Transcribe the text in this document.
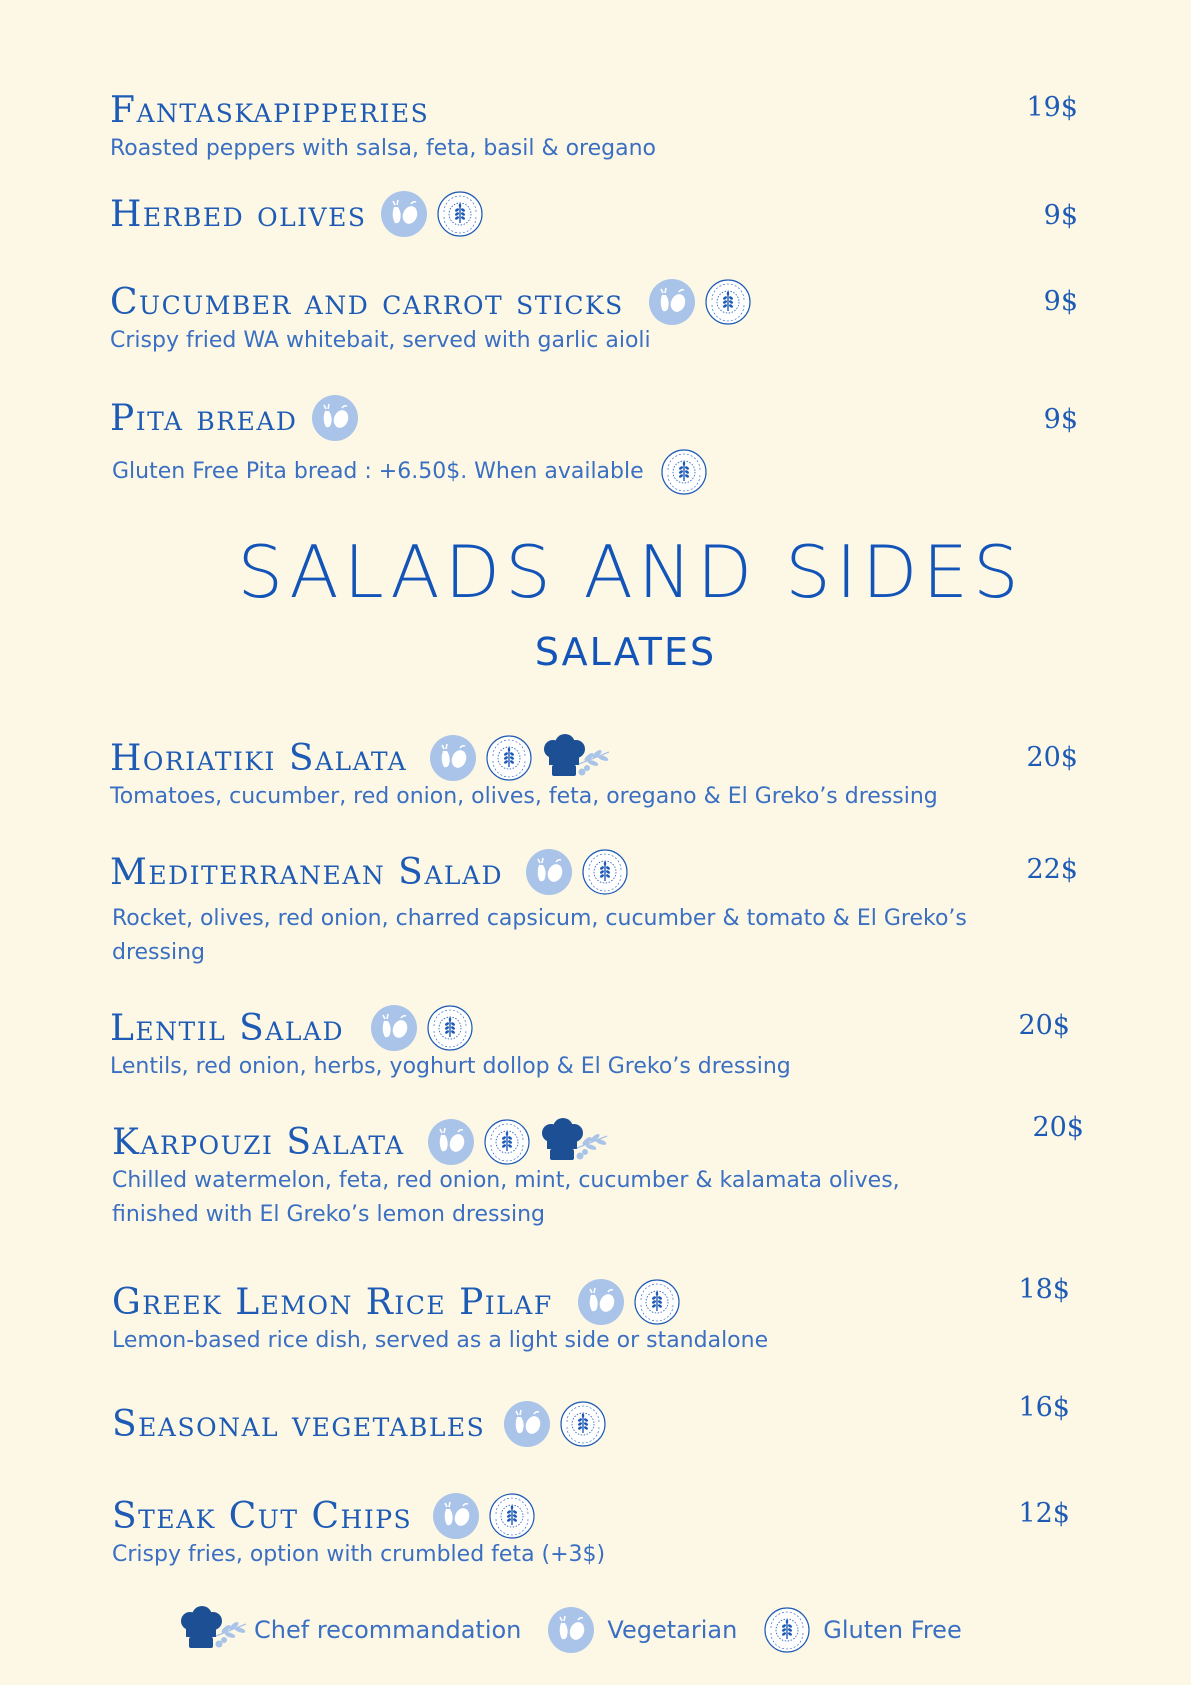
Fantaskapipperies	19$
Roasted peppers with salsa, feta, basil & oregano
Herbed olives	9$
Cucumber and carrot sticks	9$
Crispy fried WA whitebait, served with garlic aioli
Pita bread	9$
Gluten Free Pita bread : +6.50$. When available
SALADS AND SIDES
SALATES
Horiatiki Salata	20$
Tomatoes, cucumber, red onion, olives, feta, oregano & El Greko’s dressing
Mediterranean Salad	22$
Rocket, olives, red onion, charred capsicum, cucumber & tomato & El Greko’s dressing
Lentil Salad	20$
Lentils, red onion, herbs, yoghurt dollop & El Greko’s dressing
Karpouzi Salata	20$
Chilled watermelon, feta, red onion, mint, cucumber & kalamata olives, finished with El Greko’s lemon dressing
Greek Lemon Rice Pilaf	18$
Lemon-based rice dish, served as a light side or standalone
Seasonal vegetables	16$
Steak Cut Chips	12$
Crispy fries, option with crumbled feta (+3$)
Chef recommandation	Vegetarian	Gluten Free
